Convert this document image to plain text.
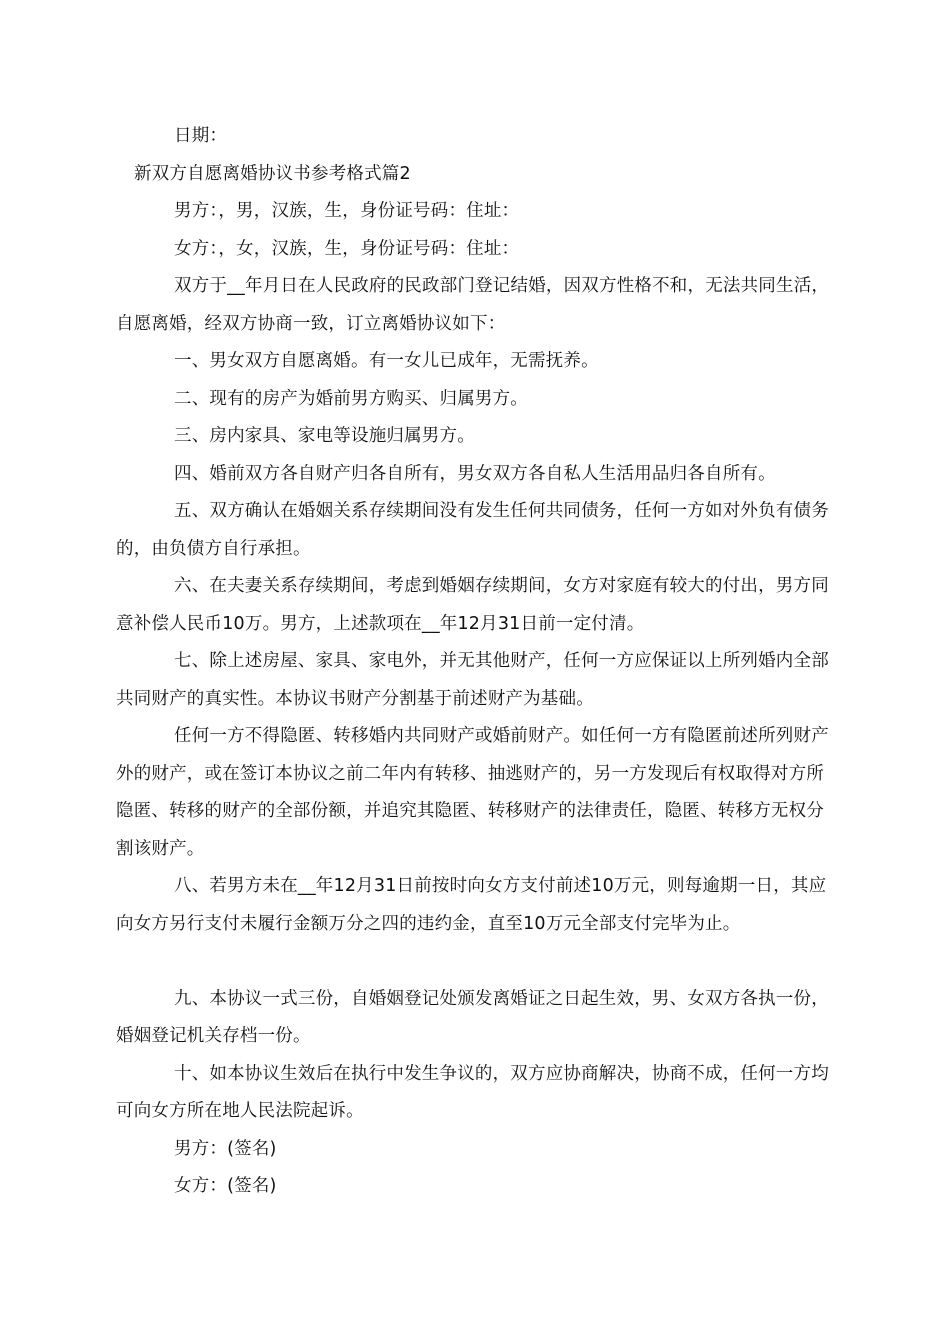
日期：

新双方自愿离婚协议书参考格式篇2

男方：，男，汉族，生，身份证号码：住址：

女方：，女，汉族，生，身份证号码：住址：

双方于__年月日在人民政府的民政部门登记结婚，因双方性格不和，无法共同生活，自愿离婚，经双方协商一致，订立离婚协议如下：

一、男女双方自愿离婚。有一女儿已成年，无需抚养。

二、现有的房产为婚前男方购买、归属男方。

三、房内家具、家电等设施归属男方。

四、婚前双方各自财产归各自所有，男女双方各自私人生活用品归各自所有。

五、双方确认在婚姻关系存续期间没有发生任何共同债务，任何一方如对外负有债务的，由负债方自行承担。

六、在夫妻关系存续期间，考虑到婚姻存续期间，女方对家庭有较大的付出，男方同意补偿人民币10万。男方，上述款项在__年12月31日前一定付清。

七、除上述房屋、家具、家电外，并无其他财产，任何一方应保证以上所列婚内全部共同财产的真实性。本协议书财产分割基于前述财产为基础。

任何一方不得隐匿、转移婚内共同财产或婚前财产。如任何一方有隐匿前述所列财产外的财产，或在签订本协议之前二年内有转移、抽逃财产的，另一方发现后有权取得对方所隐匿、转移的财产的全部份额，并追究其隐匿、转移财产的法律责任，隐匿、转移方无权分割该财产。

八、若男方未在__年12月31日前按时向女方支付前述10万元，则每逾期一日，其应向女方另行支付未履行金额万分之四的违约金，直至10万元全部支付完毕为止。

九、本协议一式三份，自婚姻登记处颁发离婚证之日起生效，男、女双方各执一份，婚姻登记机关存档一份。

十、如本协议生效后在执行中发生争议的，双方应协商解决，协商不成，任何一方均可向女方所在地人民法院起诉。

男方：(签名)

女方：(签名)
